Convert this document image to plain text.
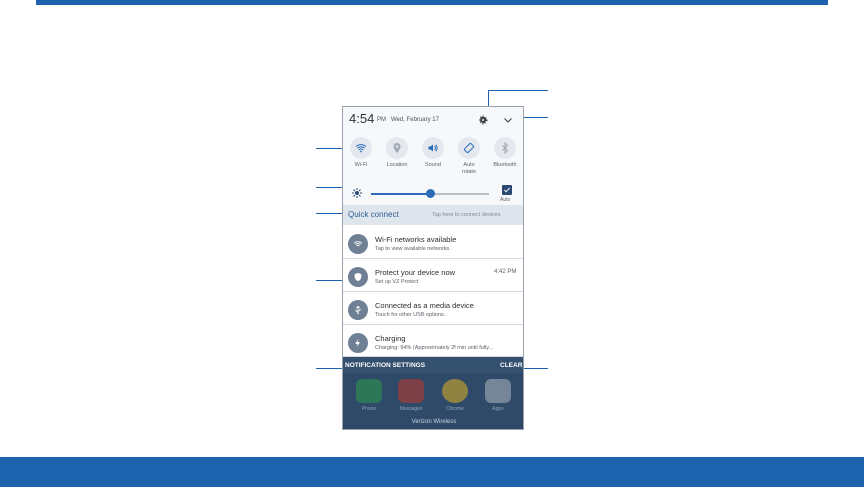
4:54 PM Wed, February 17
Wi-Fi	Location	Sound	Auto rotate
Bluetooth
Auto
Quick connect	Tap here to connect devices
Wi-Fi networks available
Tap to view available networks.
Protect your device now
Set up VZ Protect
4:42 PM
Connected as a media device
Touch for other USB options.
Charging
Charging: 94% (Approximately 2f min until fully...
NOTIFICATION SETTINGS	CLEAR
Phone	Messages	Chrome	Apps
Verizon Wireless
